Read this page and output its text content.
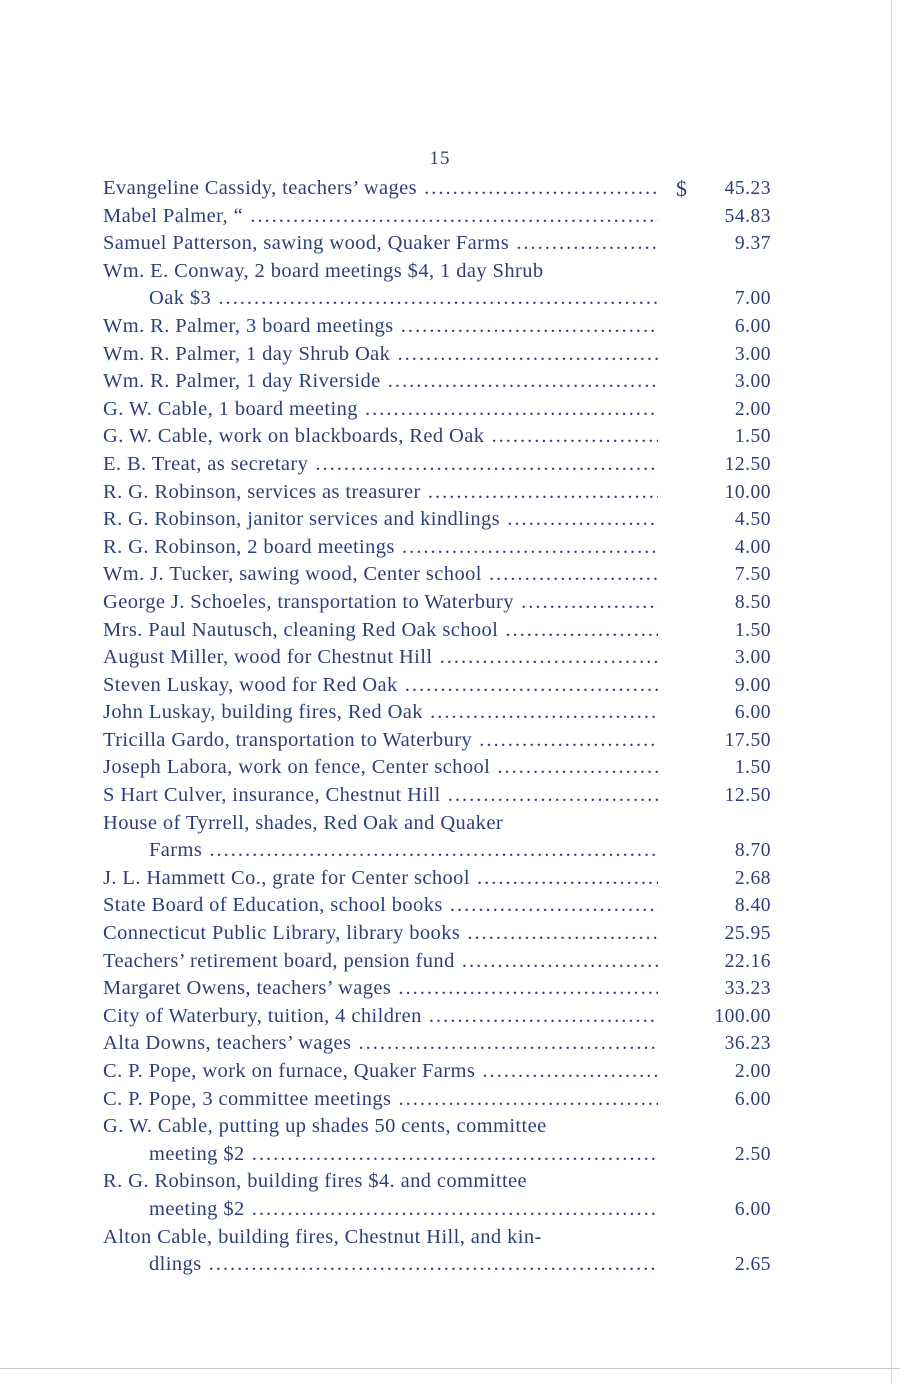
15
Evangeline Cassidy, teachers’ wages .....	$	45.23
Mabel Palmer, “ .....	54.83
Samuel Patterson, sawing wood, Quaker Farms .....	9.37
Wm. E. Conway, 2 board meetings $4, 1 day Shrub
Oak $3 .....	7.00
Wm. R. Palmer, 3 board meetings .....	6.00
Wm. R. Palmer, 1 day Shrub Oak .....	3.00
Wm. R. Palmer, 1 day Riverside .....	3.00
G. W. Cable, 1 board meeting .....	2.00
G. W. Cable, work on blackboards, Red Oak .....	1.50
E. B. Treat, as secretary .....	12.50
R. G. Robinson, services as treasurer .....	10.00
R. G. Robinson, janitor services and kindlings .....	4.50
R. G. Robinson, 2 board meetings .....	4.00
Wm. J. Tucker, sawing wood, Center school .....	7.50
George J. Schoeles, transportation to Waterbury .....	8.50
Mrs. Paul Nautusch, cleaning Red Oak school .....	1.50
August Miller, wood for Chestnut Hill .....	3.00
Steven Luskay, wood for Red Oak .....	9.00
John Luskay, building fires, Red Oak .....	6.00
Tricilla Gardo, transportation to Waterbury .....	17.50
Joseph Labora, work on fence, Center school .....	1.50
S Hart Culver, insurance, Chestnut Hill .....	12.50
House of Tyrrell, shades, Red Oak and Quaker
Farms .....	8.70
J. L. Hammett Co., grate for Center school .....	2.68
State Board of Education, school books .....	8.40
Connecticut Public Library, library books .....	25.95
Teachers’ retirement board, pension fund .....	22.16
Margaret Owens, teachers’ wages .....	33.23
City of Waterbury, tuition, 4 children .....	100.00
Alta Downs, teachers’ wages .....	36.23
C. P. Pope, work on furnace, Quaker Farms .....	2.00
C. P. Pope, 3 committee meetings .....	6.00
G. W. Cable, putting up shades 50 cents, committee
meeting $2 .....	2.50
R. G. Robinson, building fires $4. and committee
meeting $2 .....	6.00
Alton Cable, building fires, Chestnut Hill, and kin-
dlings .....	2.65
